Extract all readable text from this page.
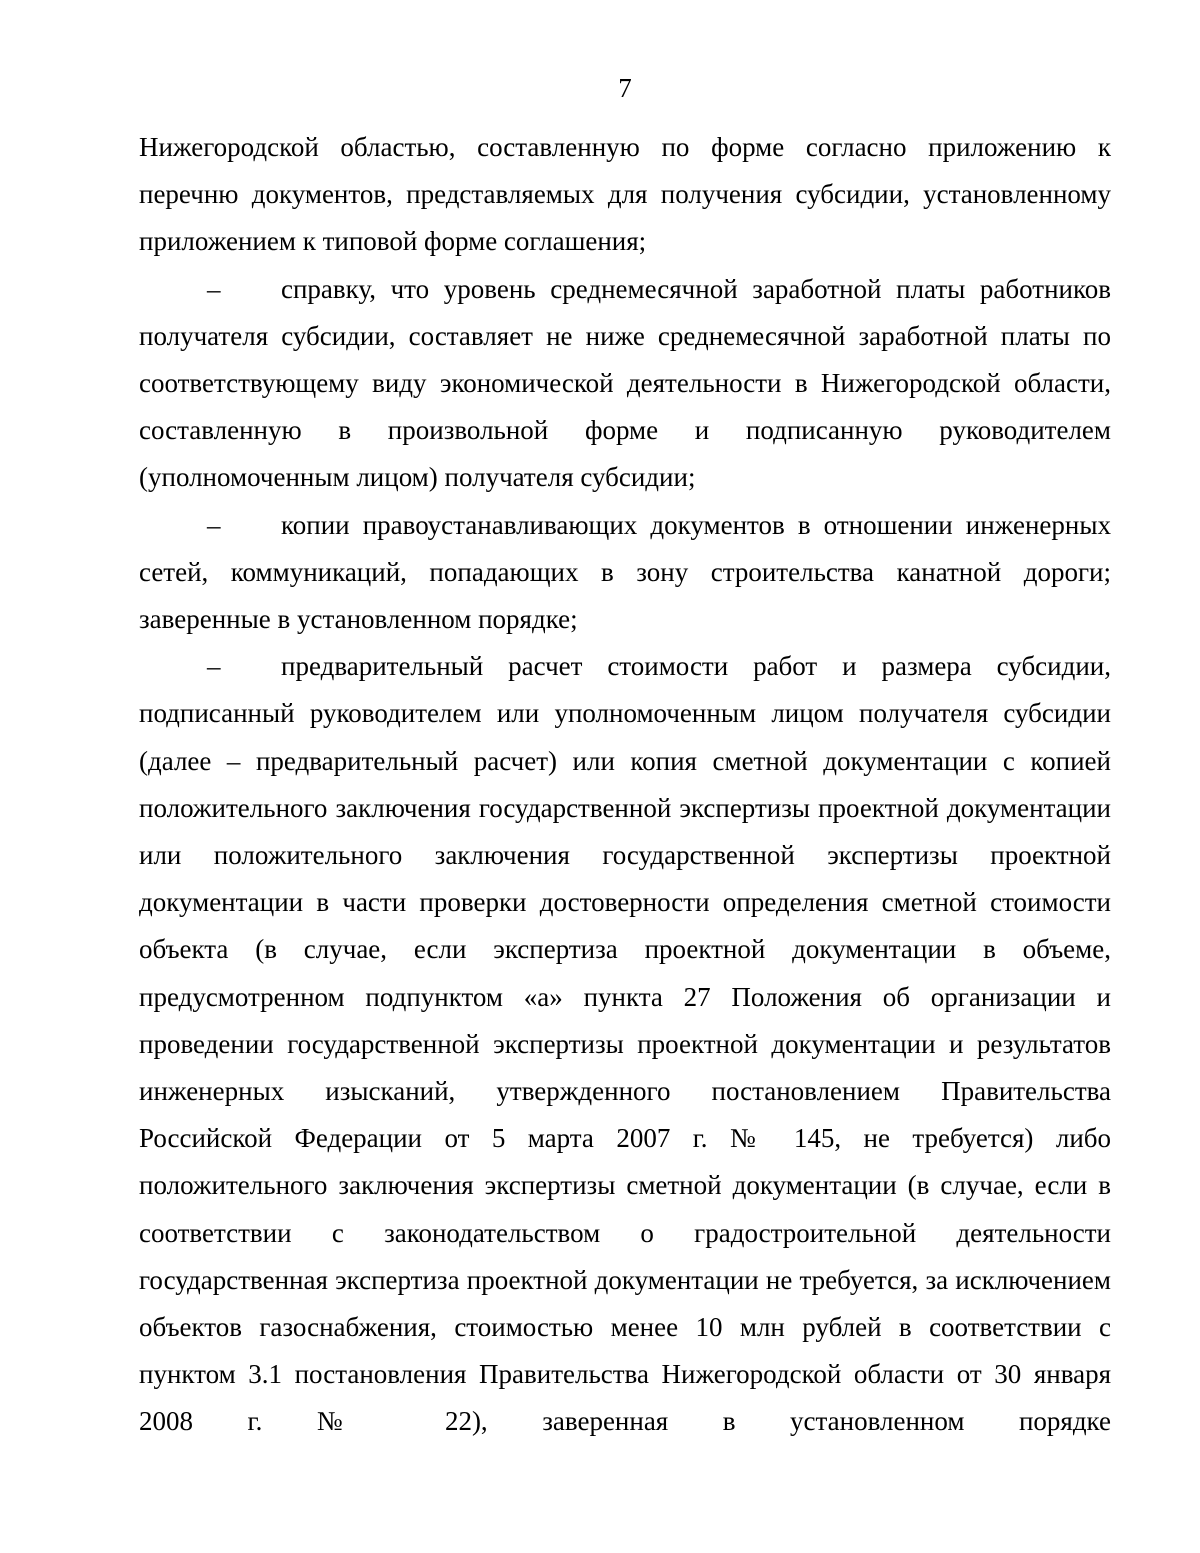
7

Нижегородской областью, составленную по форме согласно приложению к перечню документов, представляемых для получения субсидии, установленному приложением к типовой форме соглашения;

– справку, что уровень среднемесячной заработной платы работников получателя субсидии, составляет не ниже среднемесячной заработной платы по соответствующему виду экономической деятельности в Нижегородской области, составленную в произвольной форме и подписанную руководителем (уполномоченным лицом) получателя субсидии;

– копии правоустанавливающих документов в отношении инженерных сетей, коммуникаций, попадающих в зону строительства канатной дороги; заверенные в установленном порядке;

– предварительный расчет стоимости работ и размера субсидии, подписанный руководителем или уполномоченным лицом получателя субсидии (далее – предварительный расчет) или копия сметной документации с копией положительного заключения государственной экспертизы проектной документации или положительного заключения государственной экспертизы проектной документации в части проверки достоверности определения сметной стоимости объекта (в случае, если экспертиза проектной документации в объеме, предусмотренном подпунктом «а» пункта 27 Положения об организации и проведении государственной экспертизы проектной документации и результатов инженерных изысканий, утвержденного постановлением Правительства Российской Федерации от 5 марта 2007 г. № 145, не требуется) либо положительного заключения экспертизы сметной документации (в случае, если в соответствии с законодательством о градостроительной деятельности государственная экспертиза проектной документации не требуется, за исключением объектов газоснабжения, стоимостью менее 10 млн рублей в соответствии с пунктом 3.1 постановления Правительства Нижегородской области от 30 января 2008 г. № 22), заверенная в установленном порядке
